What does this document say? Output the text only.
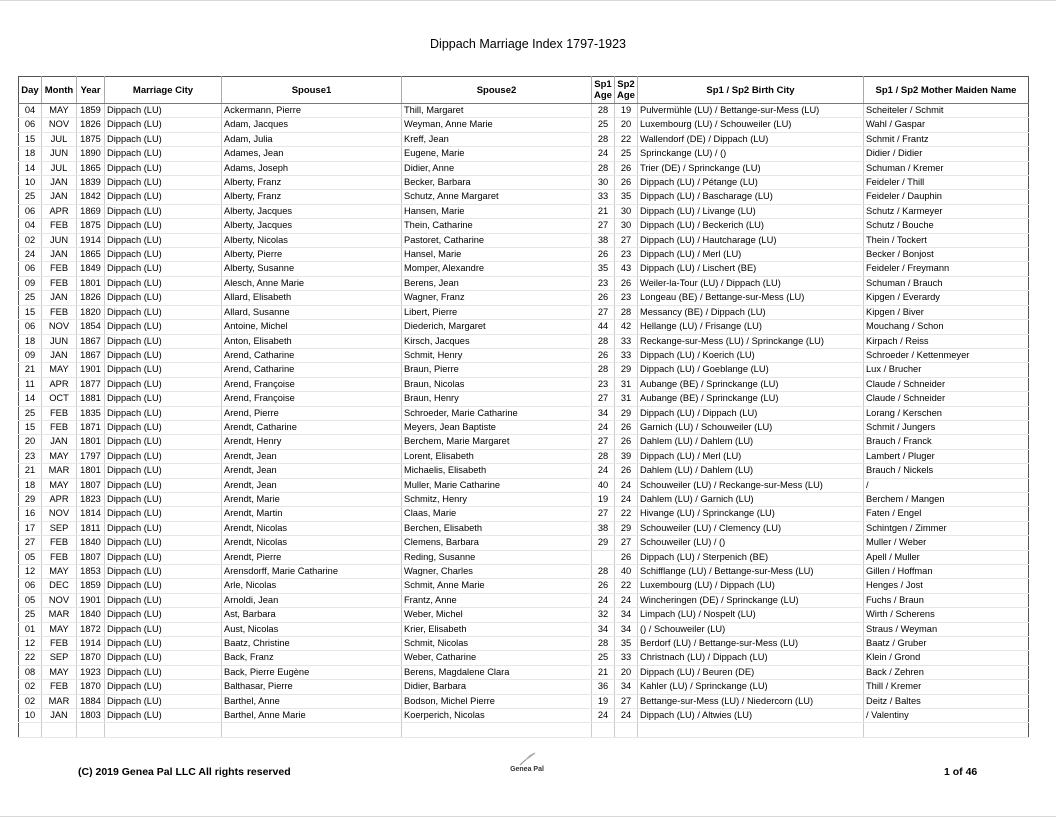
Dippach Marriage Index 1797-1923
Day	Month	Year	Marriage City	Spouse1	Spouse2	Sp1 Age	Sp2 Age	Sp1 / Sp2 Birth City	Sp1 / Sp2 Mother Maiden Name
04	MAY	1859	Dippach (LU)	Ackermann, Pierre	Thill, Margaret	28	19	Pulvermühle (LU) / Bettange-sur-Mess (LU)	Scheiteler / Schmit
06	NOV	1826	Dippach (LU)	Adam, Jacques	Weyman, Anne Marie	25	20	Luxembourg (LU) / Schouweiler (LU)	Wahl / Gaspar
15	JUL	1875	Dippach (LU)	Adam, Julia	Kreff, Jean	28	22	Wallendorf (DE) / Dippach (LU)	Schmit / Frantz
18	JUN	1890	Dippach (LU)	Adames, Jean	Eugene, Marie	24	25	Sprinckange (LU) / ()	Didier / Didier
14	JUL	1865	Dippach (LU)	Adams, Joseph	Didier, Anne	28	26	Trier (DE) / Sprinckange (LU)	Schuman / Kremer
10	JAN	1839	Dippach (LU)	Alberty, Franz	Becker, Barbara	30	26	Dippach (LU) / Pétange (LU)	Feideler / Thill
25	JAN	1842	Dippach (LU)	Alberty, Franz	Schutz, Anne Margaret	33	35	Dippach (LU) / Bascharage (LU)	Feideler / Dauphin
06	APR	1869	Dippach (LU)	Alberty, Jacques	Hansen, Marie	21	30	Dippach (LU) / Livange (LU)	Schutz / Karmeyer
04	FEB	1875	Dippach (LU)	Alberty, Jacques	Thein, Catharine	27	30	Dippach (LU) / Beckerich (LU)	Schutz / Bouche
02	JUN	1914	Dippach (LU)	Alberty, Nicolas	Pastoret, Catharine	38	27	Dippach (LU) / Hautcharage (LU)	Thein / Tockert
24	JAN	1865	Dippach (LU)	Alberty, Pierre	Hansel, Marie	26	23	Dippach (LU) / Merl (LU)	Becker / Bonjost
06	FEB	1849	Dippach (LU)	Alberty, Susanne	Momper, Alexandre	35	43	Dippach (LU) / Lischert (BE)	Feideler / Freymann
09	FEB	1801	Dippach (LU)	Alesch, Anne Marie	Berens, Jean	23	26	Weiler-la-Tour (LU) / Dippach (LU)	Schuman / Brauch
25	JAN	1826	Dippach (LU)	Allard, Elisabeth	Wagner, Franz	26	23	Longeau (BE) / Bettange-sur-Mess (LU)	Kipgen / Everardy
15	FEB	1820	Dippach (LU)	Allard, Susanne	Libert, Pierre	27	28	Messancy (BE) / Dippach (LU)	Kipgen / Biver
06	NOV	1854	Dippach (LU)	Antoine, Michel	Diederich, Margaret	44	42	Hellange (LU) / Frisange (LU)	Mouchang / Schon
18	JUN	1867	Dippach (LU)	Anton, Elisabeth	Kirsch, Jacques	28	33	Reckange-sur-Mess (LU) / Sprinckange (LU)	Kirpach / Reiss
09	JAN	1867	Dippach (LU)	Arend, Catharine	Schmit, Henry	26	33	Dippach (LU) / Koerich (LU)	Schroeder / Kettenmeyer
21	MAY	1901	Dippach (LU)	Arend, Catharine	Braun, Pierre	28	29	Dippach (LU) / Goeblange (LU)	Lux / Brucher
11	APR	1877	Dippach (LU)	Arend, Françoise	Braun, Nicolas	23	31	Aubange (BE) / Sprinckange (LU)	Claude / Schneider
14	OCT	1881	Dippach (LU)	Arend, Françoise	Braun, Henry	27	31	Aubange (BE) / Sprinckange (LU)	Claude / Schneider
25	FEB	1835	Dippach (LU)	Arend, Pierre	Schroeder, Marie Catharine	34	29	Dippach (LU) / Dippach (LU)	Lorang / Kerschen
15	FEB	1871	Dippach (LU)	Arendt, Catharine	Meyers, Jean Baptiste	24	26	Garnich (LU) / Schouweiler (LU)	Schmit / Jungers
20	JAN	1801	Dippach (LU)	Arendt, Henry	Berchem, Marie Margaret	27	26	Dahlem (LU) / Dahlem (LU)	Brauch / Franck
23	MAY	1797	Dippach (LU)	Arendt, Jean	Lorent, Elisabeth	28	39	Dippach (LU) / Merl (LU)	Lambert / Pluger
21	MAR	1801	Dippach (LU)	Arendt, Jean	Michaelis, Elisabeth	24	26	Dahlem (LU) / Dahlem (LU)	Brauch / Nickels
18	MAY	1807	Dippach (LU)	Arendt, Jean	Muller, Marie Catharine	40	24	Schouweiler (LU) / Reckange-sur-Mess (LU)	/
29	APR	1823	Dippach (LU)	Arendt, Marie	Schmitz, Henry	19	24	Dahlem (LU) / Garnich (LU)	Berchem / Mangen
16	NOV	1814	Dippach (LU)	Arendt, Martin	Claas, Marie	27	22	Hivange (LU) / Sprinckange (LU)	Faten / Engel
17	SEP	1811	Dippach (LU)	Arendt, Nicolas	Berchen, Elisabeth	38	29	Schouweiler (LU) / Clemency (LU)	Schintgen / Zimmer
27	FEB	1840	Dippach (LU)	Arendt, Nicolas	Clemens, Barbara	29	27	Schouweiler (LU) / ()	Muller / Weber
05	FEB	1807	Dippach (LU)	Arendt, Pierre	Reding, Susanne		26	Dippach (LU) / Sterpenich (BE)	Apell / Muller
12	MAY	1853	Dippach (LU)	Arensdorff, Marie Catharine	Wagner, Charles	28	40	Schifflange (LU) / Bettange-sur-Mess (LU)	Gillen / Hoffman
06	DEC	1859	Dippach (LU)	Arle, Nicolas	Schmit, Anne Marie	26	22	Luxembourg (LU) / Dippach (LU)	Henges / Jost
05	NOV	1901	Dippach (LU)	Arnoldi, Jean	Frantz, Anne	24	24	Wincheringen (DE) / Sprinckange (LU)	Fuchs / Braun
25	MAR	1840	Dippach (LU)	Ast, Barbara	Weber, Michel	32	34	Limpach (LU) / Nospelt (LU)	Wirth / Scherens
01	MAY	1872	Dippach (LU)	Aust, Nicolas	Krier, Elisabeth	34	34	() / Schouweiler (LU)	Straus / Weyman
12	FEB	1914	Dippach (LU)	Baatz, Christine	Schmit, Nicolas	28	35	Berdorf (LU) / Bettange-sur-Mess (LU)	Baatz / Gruber
22	SEP	1870	Dippach (LU)	Back, Franz	Weber, Catharine	25	33	Christnach (LU) / Dippach (LU)	Klein / Grond
08	MAY	1923	Dippach (LU)	Back, Pierre Eugène	Berens, Magdalene Clara	21	20	Dippach (LU) / Beuren (DE)	Back / Zehren
02	FEB	1870	Dippach (LU)	Balthasar, Pierre	Didier, Barbara	36	34	Kahler (LU) / Sprinckange (LU)	Thill / Kremer
02	MAR	1884	Dippach (LU)	Barthel, Anne	Bodson, Michel Pierre	19	27	Bettange-sur-Mess (LU) / Niedercorn (LU)	Deitz / Baltes
10	JAN	1803	Dippach (LU)	Barthel, Anne Marie	Koerperich, Nicolas	24	24	Dippach (LU) / Altwies (LU)	/ Valentiny

(C) 2019 Genea Pal LLC All rights reserved	Genea Pal	1 of 46
